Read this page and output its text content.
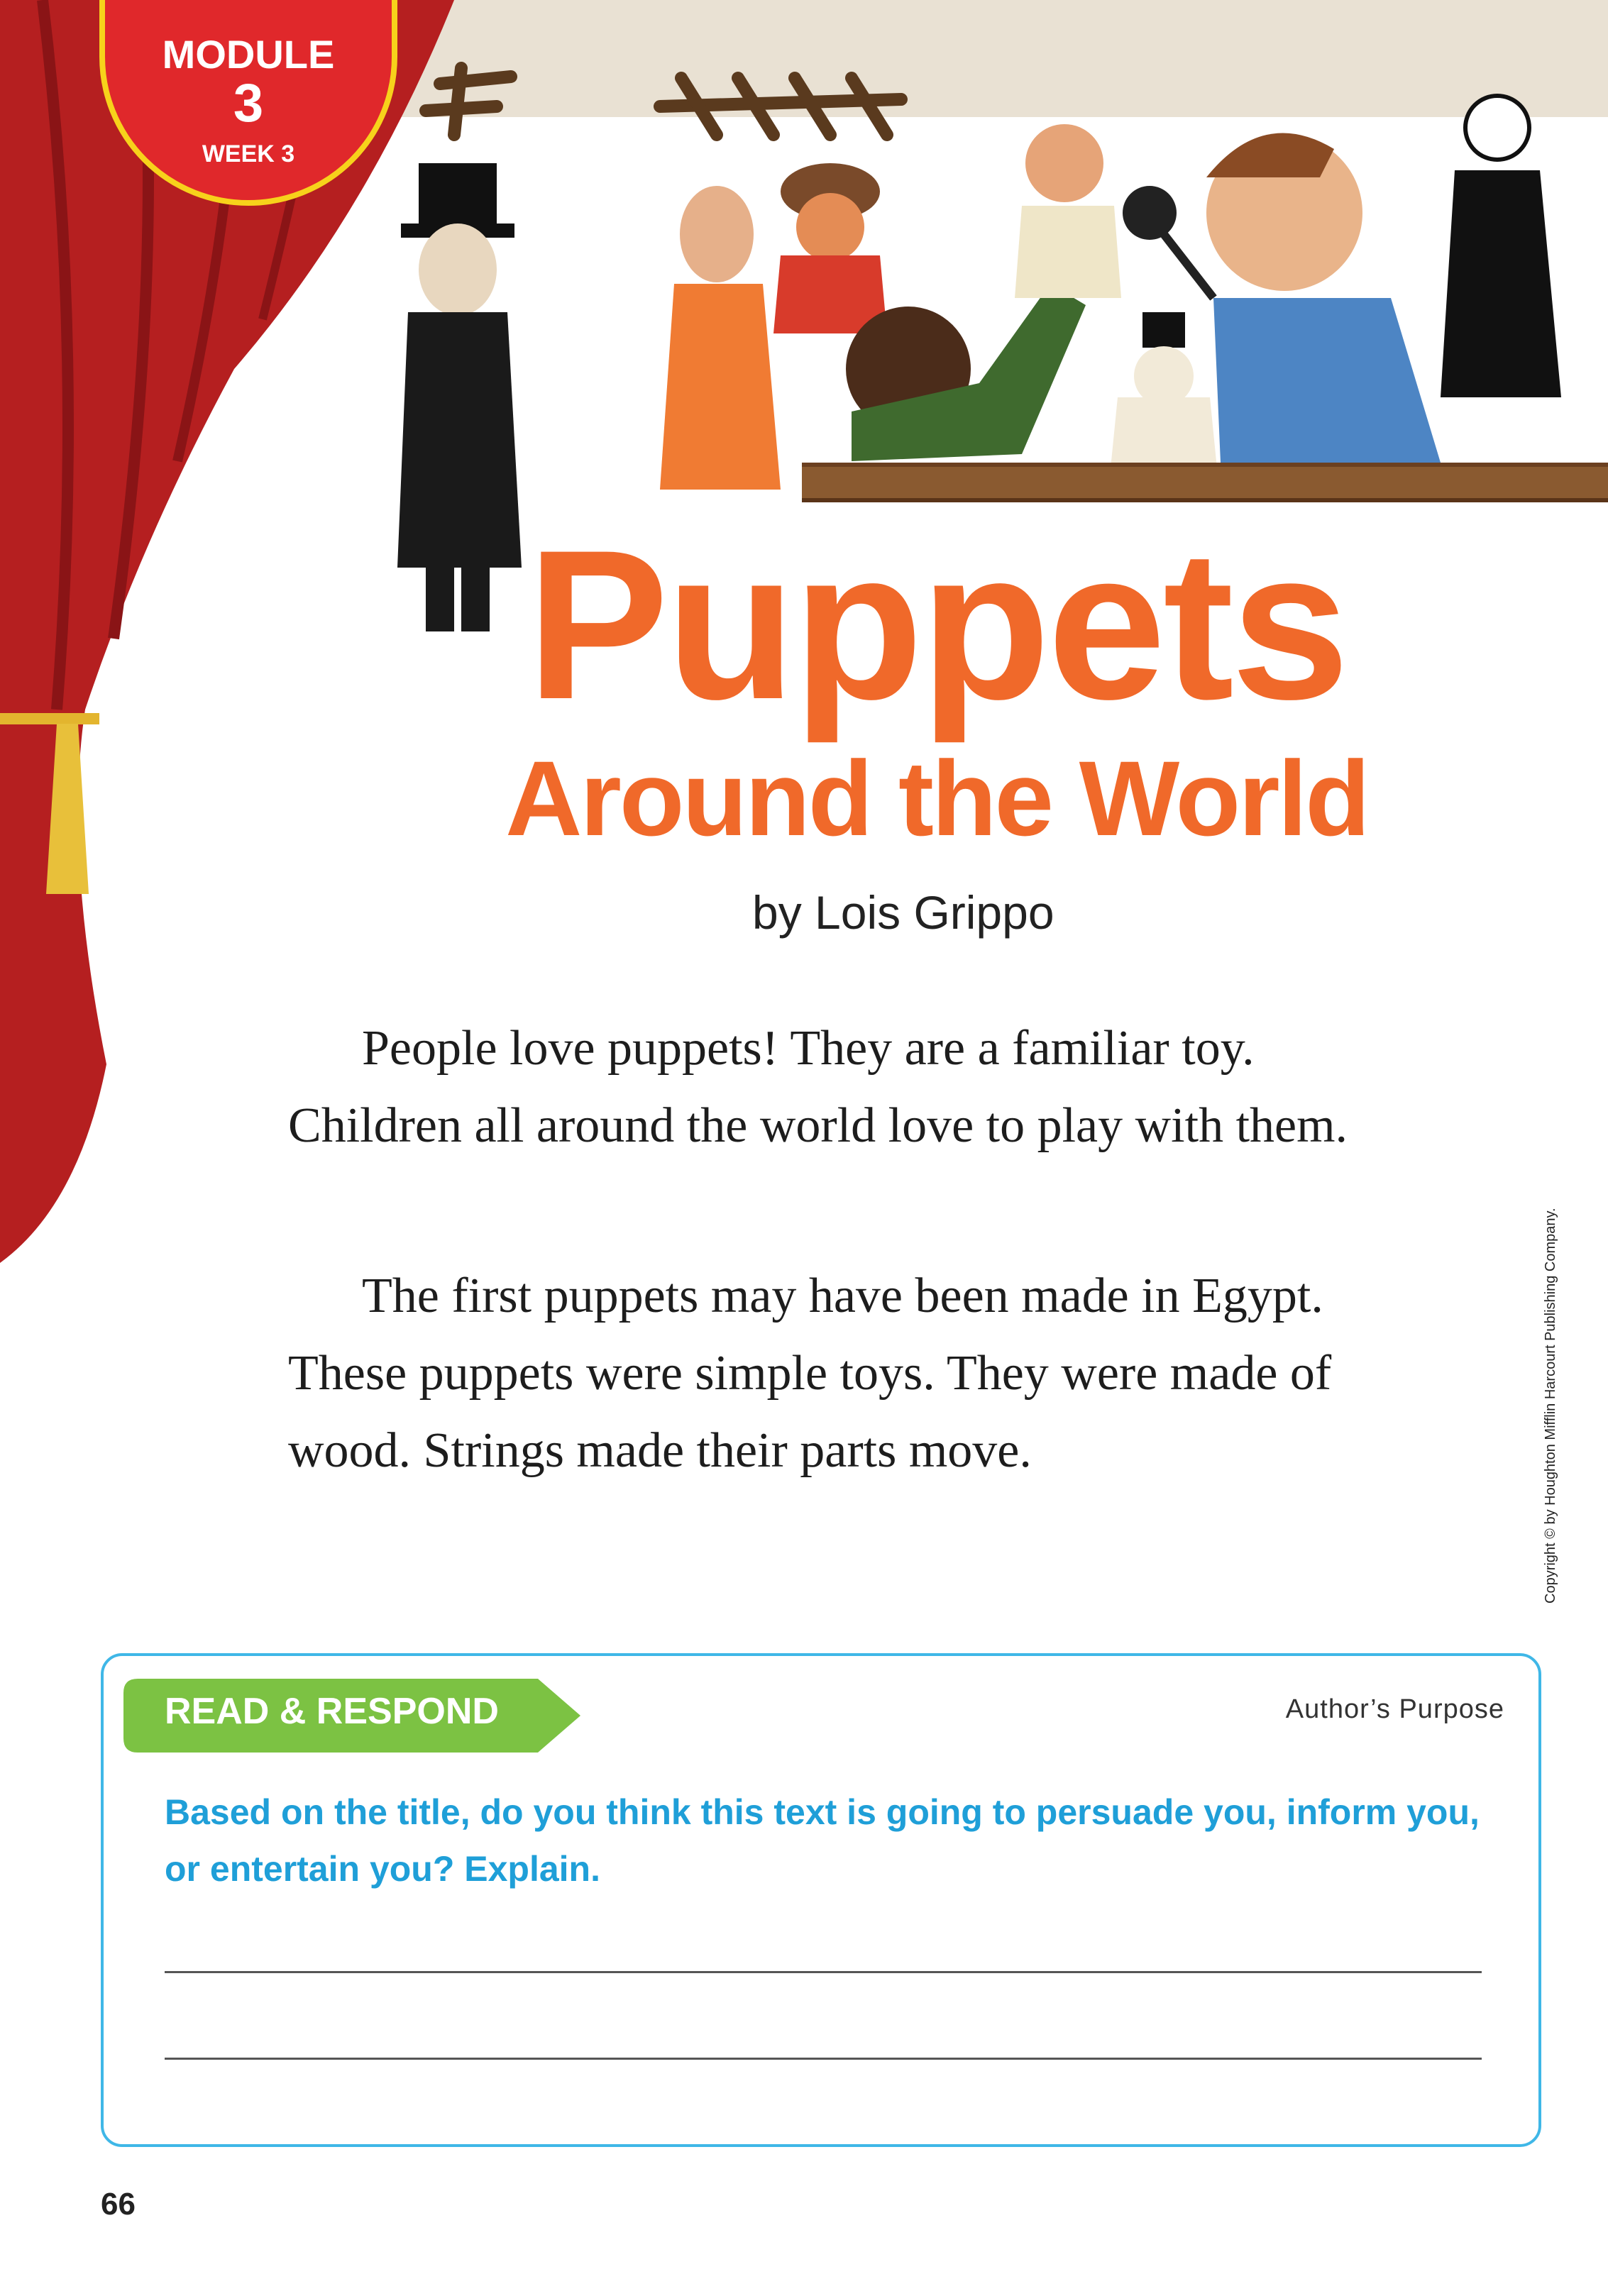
MODULE
3
WEEK 3
Puppets
Around the World
by Lois Grippo

People love puppets! They are a familiar toy. Children all around the world love to play with them.

The first puppets may have been made in Egypt. These puppets were simple toys. They were made of wood. Strings made their parts move.	Copyright © by Houghton Mifflin Harcourt Publishing Company.
READ & RESPOND	Author’s Purpose

Based on the title, do you think this text is going to persuade you, inform you, or entertain you? Explain.

66
